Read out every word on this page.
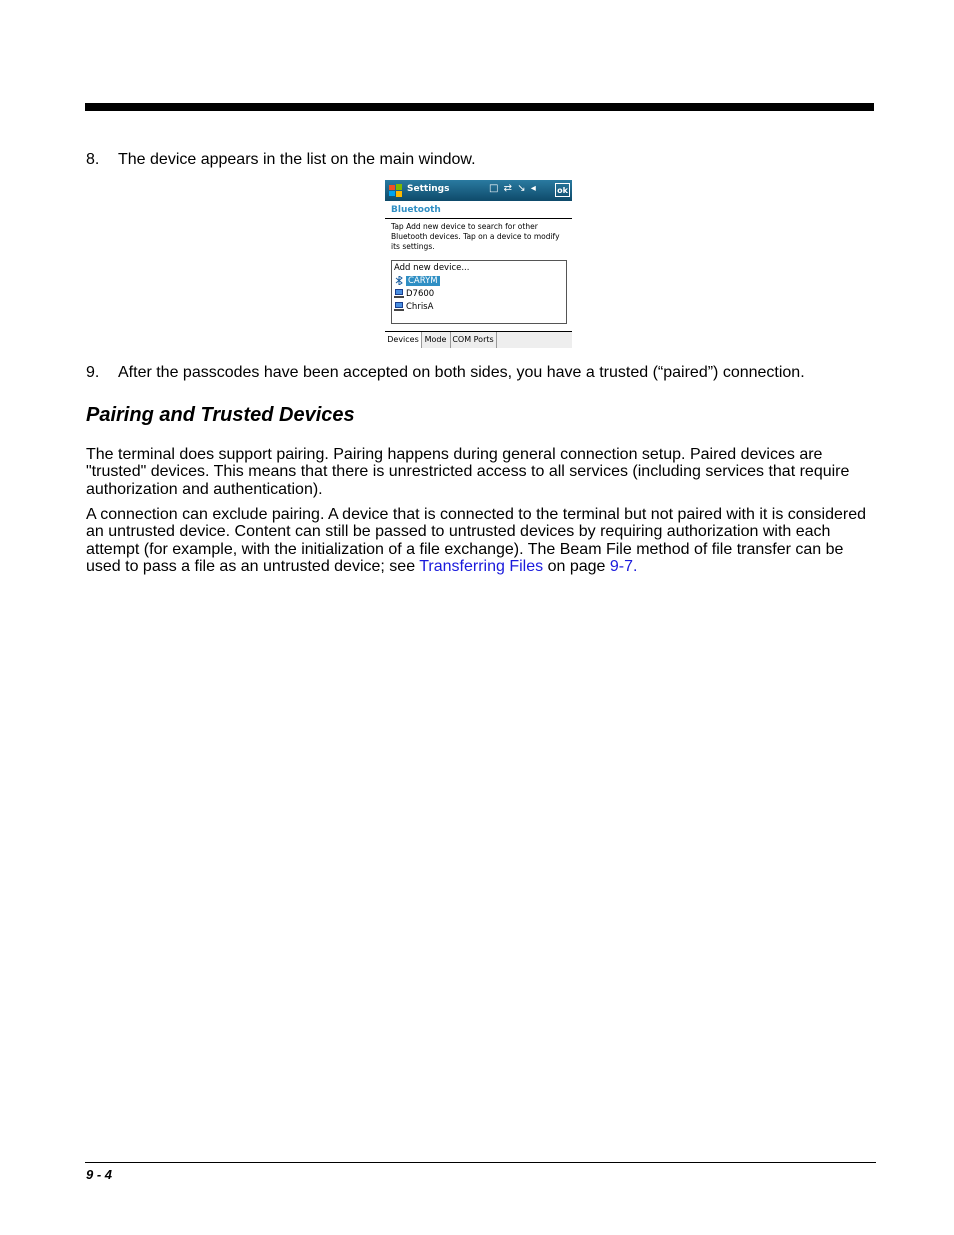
8. The device appears in the list on the main window.
Settings	□ ⇄ ↘ ◂	ok
Bluetooth
Tap Add new device to search for other Bluetooth devices. Tap on a device to modify its settings.
Add new device...
CARYM
D7600
ChrisA
Devices Mode COM Ports
9. After the passcodes have been accepted on both sides, you have a trusted (“paired”) connection.
Pairing and Trusted Devices
The terminal does support pairing. Pairing happens during general connection setup. Paired devices are "trusted" devices. This means that there is unrestricted access to all services (including services that require authorization and authentication).
A connection can exclude pairing. A device that is connected to the terminal but not paired with it is considered an untrusted device. Content can still be passed to untrusted devices by requiring authorization with each attempt (for example, with the initialization of a file exchange). The Beam File method of file transfer can be used to pass a file as an untrusted device; see Transferring Files on page 9-7.
9 - 4
